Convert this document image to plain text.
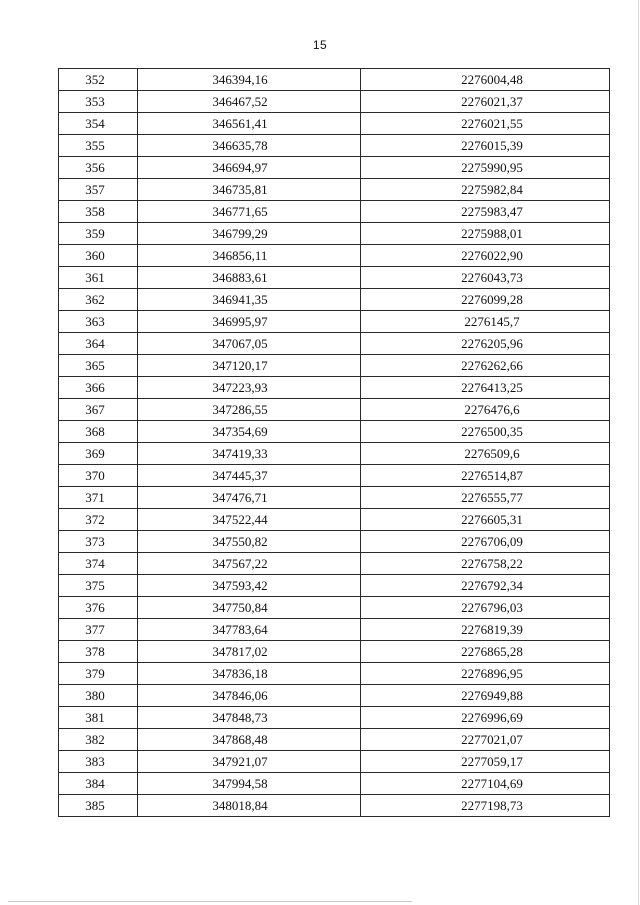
15
352	346394,16	2276004,48
353	346467,52	2276021,37
354	346561,41	2276021,55
355	346635,78	2276015,39
356	346694,97	2275990,95
357	346735,81	2275982,84
358	346771,65	2275983,47
359	346799,29	2275988,01
360	346856,11	2276022,90
361	346883,61	2276043,73
362	346941,35	2276099,28
363	346995,97	2276145,7
364	347067,05	2276205,96
365	347120,17	2276262,66
366	347223,93	2276413,25
367	347286,55	2276476,6
368	347354,69	2276500,35
369	347419,33	2276509,6
370	347445,37	2276514,87
371	347476,71	2276555,77
372	347522,44	2276605,31
373	347550,82	2276706,09
374	347567,22	2276758,22
375	347593,42	2276792,34
376	347750,84	2276796,03
377	347783,64	2276819,39
378	347817,02	2276865,28
379	347836,18	2276896,95
380	347846,06	2276949,88
381	347848,73	2276996,69
382	347868,48	2277021,07
383	347921,07	2277059,17
384	347994,58	2277104,69
385	348018,84	2277198,73
